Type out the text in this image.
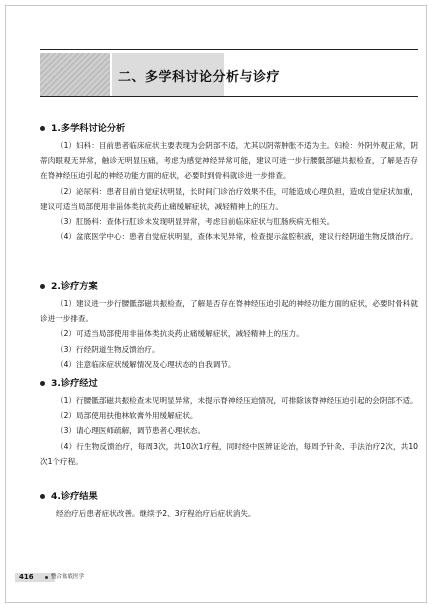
二、多学科讨论分析与诊疗
1.多学科讨论分析

（1）妇科：目前患者临床症状主要表现为会阴部不适，尤其以阴蒂肿胀不适为主。妇检：外阴外观正常，阴蒂肉眼观无异常，触诊无明显压痛，考虑为感觉神经异常可能，建议可进一步行腰骶部磁共振检查，了解是否存在脊神经压迫引起的神经功能方面的症状，必要时到骨科就诊进一步排查。

（2）泌尿科：患者目前自觉症状明显，长时间门诊治疗效果不佳，可能造成心理负担，造成自觉症状加重，建议可适当局部使用非甾体类抗炎药止痛缓解症状，减轻精神上的压力。

（3）肛肠科：查体行肛诊未发现明显异常，考虑目前临床症状与肛肠疾病无相关。

（4）盆底医学中心：患者自觉症状明显，查体未见异常，检查提示盆腔积液，建议行经阴道生物反馈治疗。

2.诊疗方案

（1）建议进一步行腰骶部磁共振检查，了解是否存在脊神经压迫引起的神经功能方面的症状，必要时骨科就诊进一步排查。

（2）可适当局部使用非甾体类抗炎药止痛缓解症状，减轻精神上的压力。

（3）行经阴道生物反馈治疗。

（4）注意临床症状缓解情况及心理状态的自我调节。

3.诊疗经过

（1）行腰骶部磁共振检查未见明显异常，未提示脊神经压迫情况，可排除该脊神经压迫引起的会阴部不适。

（2）局部使用扶他林软膏外用缓解症状。

（3）请心理医师疏解，调节患者心理状态。

（4）行生物反馈治疗，每周3次，共10次1疗程，同时经中医辨证论治，每周予针灸、手法治疗2次，共10次1个疗程。

4.诊疗结果

经治疗后患者症状改善。继续予2、3疗程治疗后症状消失。

416	整合盆底医学
